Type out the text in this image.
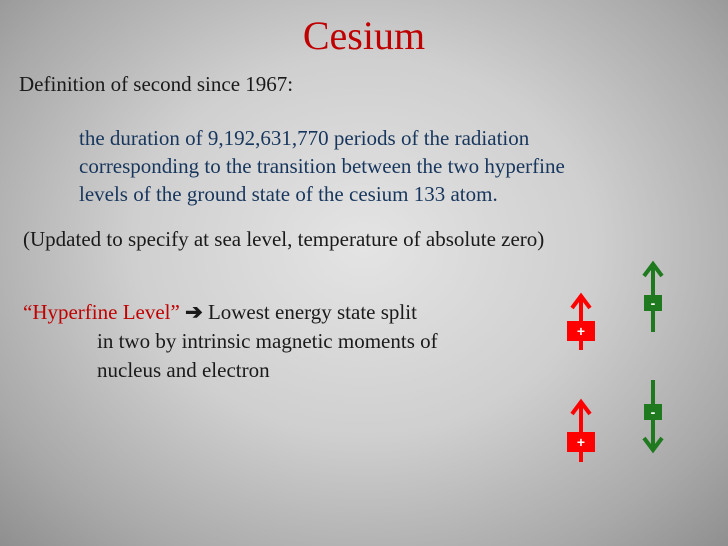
Cesium
Definition of second since 1967:
the duration of 9,192,631,770 periods of the radiation
corresponding to the transition between the two hyperfine
levels of the ground state of the cesium 133 atom.
(Updated to specify at sea level, temperature of absolute zero)
“Hyperfine Level” ➔ Lowest energy state split
in two by intrinsic magnetic moments of
nucleus and electron
+
-
+
-
